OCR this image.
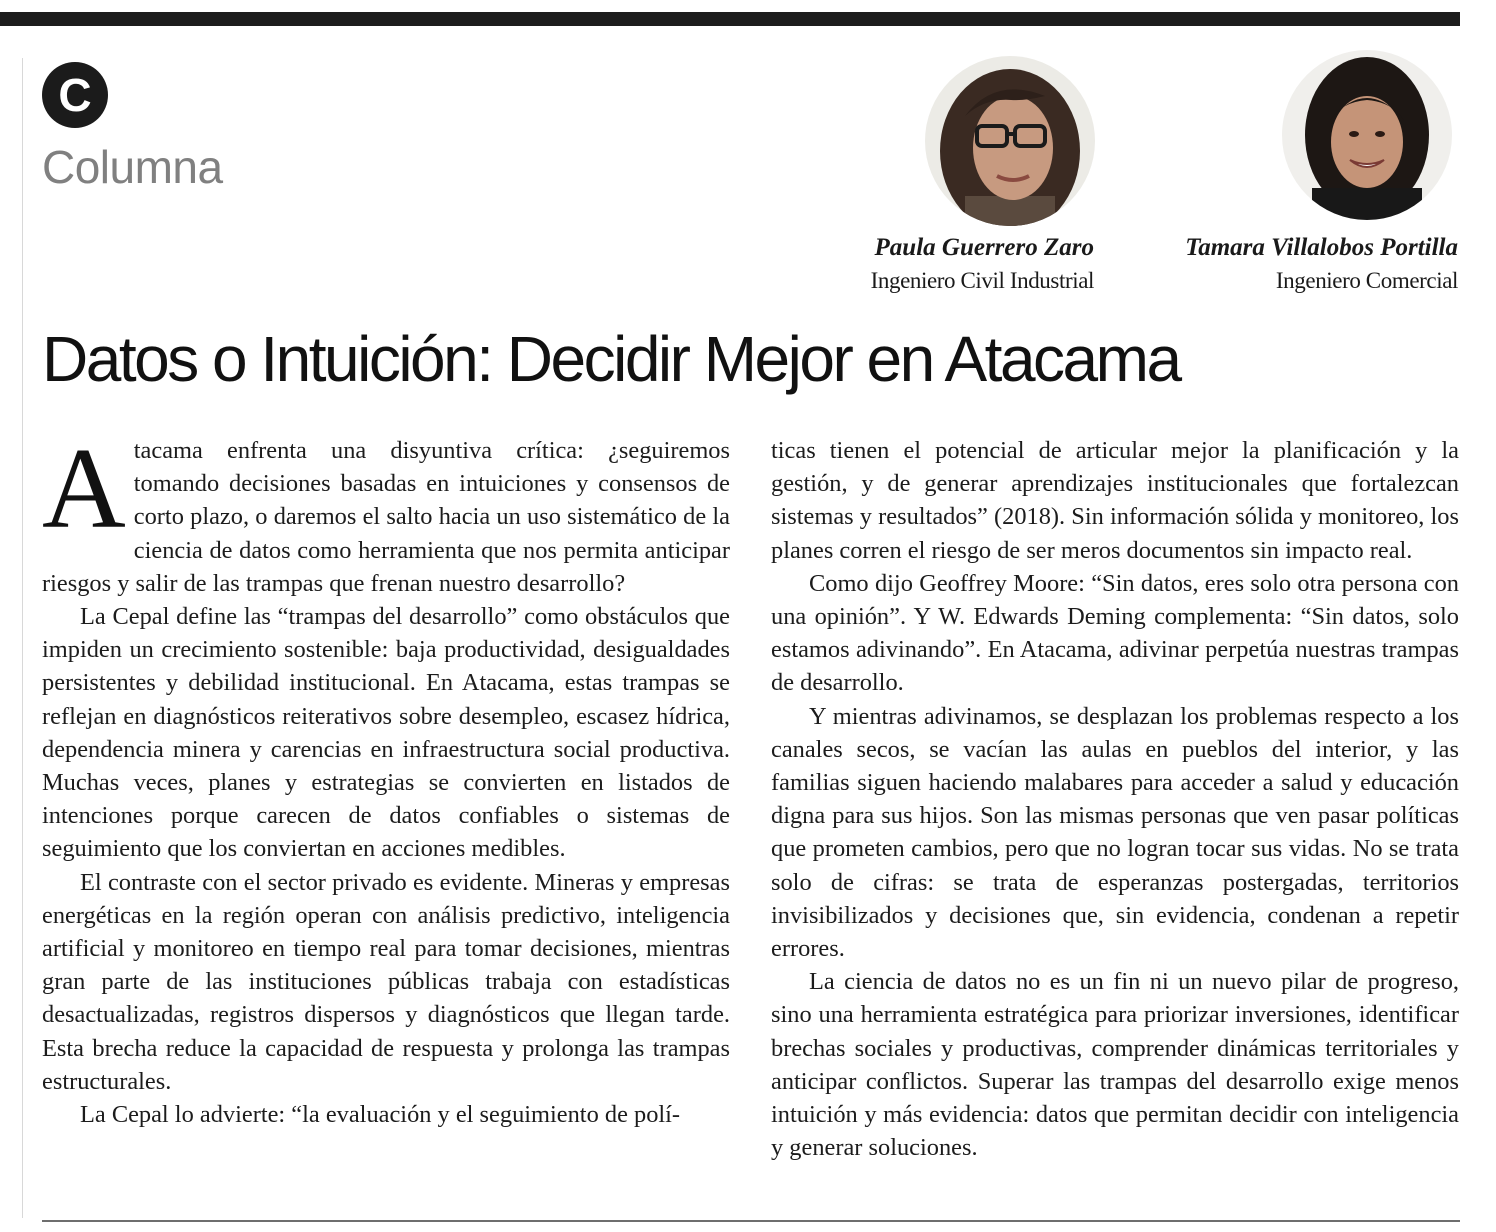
C
Columna
Paula Guerrero Zaro
Ingeniero Civil Industrial
Tamara Villalobos Portilla
Ingeniero Comercial
Datos o Intuición: Decidir Mejor en Atacama

Atacama enfrenta una disyuntiva crítica: ¿seguiremos tomando decisiones basadas en intuiciones y consensos de corto plazo, o daremos el salto hacia un uso sistemático de la ciencia de datos como herramienta que nos permita anticipar riesgos y salir de las trampas que frenan nuestro desarrollo?

La Cepal define las “trampas del desarrollo” como obstáculos que impiden un crecimiento sostenible: baja productividad, desigualdades persistentes y debilidad institucional. En Atacama, estas trampas se reflejan en diagnósticos reiterativos sobre desempleo, escasez hídrica, dependencia minera y carencias en infraestructura social productiva. Muchas veces, planes y estrategias se convierten en listados de intenciones porque carecen de datos confiables o sistemas de seguimiento que los conviertan en acciones medibles.

El contraste con el sector privado es evidente. Mineras y empresas energéticas en la región operan con análisis predictivo, inteligencia artificial y monitoreo en tiempo real para tomar decisiones, mientras gran parte de las instituciones públicas trabaja con estadísticas desactualizadas, registros dispersos y diagnósticos que llegan tarde. Esta brecha reduce la capacidad de respuesta y prolonga las trampas estructurales.

La Cepal lo advierte: “la evaluación y el seguimiento de polí-

ticas tienen el potencial de articular mejor la planificación y la gestión, y de generar aprendizajes institucionales que fortalezcan sistemas y resultados” (2018). Sin información sólida y monitoreo, los planes corren el riesgo de ser meros documentos sin impacto real.

Como dijo Geoffrey Moore: “Sin datos, eres solo otra persona con una opinión”. Y W. Edwards Deming complementa: “Sin datos, solo estamos adivinando”. En Atacama, adivinar perpetúa nuestras trampas de desarrollo.

Y mientras adivinamos, se desplazan los problemas respecto a los canales secos, se vacían las aulas en pueblos del interior, y las familias siguen haciendo malabares para acceder a salud y educación digna para sus hijos. Son las mismas personas que ven pasar políticas que prometen cambios, pero que no logran tocar sus vidas. No se trata solo de cifras: se trata de esperanzas postergadas, territorios invisibilizados y decisiones que, sin evidencia, condenan a repetir errores.

La ciencia de datos no es un fin ni un nuevo pilar de progreso, sino una herramienta estratégica para priorizar inversiones, identificar brechas sociales y productivas, comprender dinámicas territoriales y anticipar conflictos. Superar las trampas del desarrollo exige menos intuición y más evidencia: datos que permitan decidir con inteligencia y generar soluciones.
